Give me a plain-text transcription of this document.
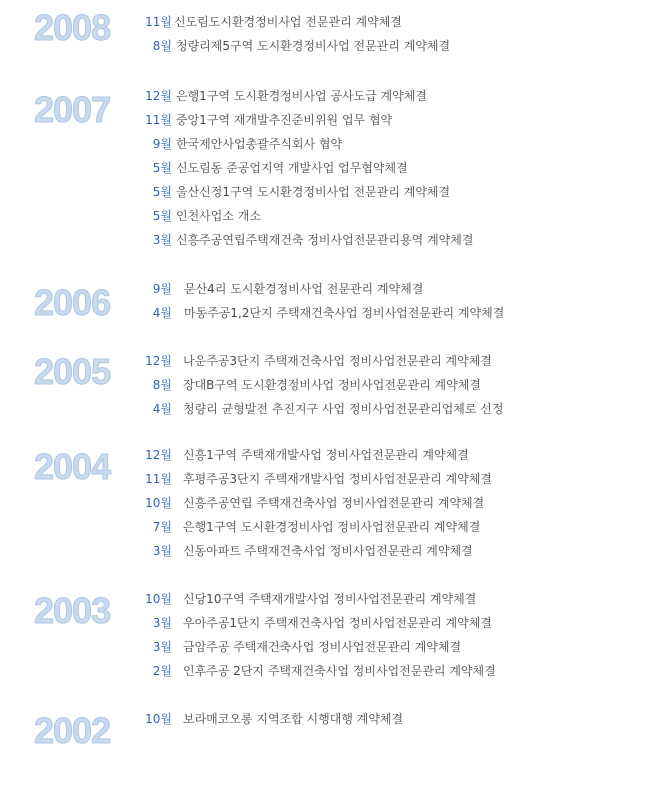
2008	11월 신도림도시환경정비사업 전문관리 계약체결
8월 청량리제5구역 도시환경정비사업 전문관리 계약체결
2007	12월 은행1구역 도시환경정비사업 공사도급 계약체결
11월 중앙1구역 재개발추진준비위원 업무 협약
9월 한국제안사업총괄주식회사 협약
5월 신도림동 준공업지역 개발사업 업무협약체결
5월 울산신정1구역 도시환경정비사업 전문관리 계약체결
5월 인천사업소 개소
3월 신흥주공연립주택재건축 정비사업전문관리용역 계약체결
2006	9월 문산4리 도시환경정비사업 전문관리 계약체결
4월 마동주공1,2단지 주택재건축사업 정비사업전문관리 계약체결
2005	12월 나운주공3단지 주택재건축사업 정비사업전문관리 계약체결
8월 장대B구역 도시환경정비사업 정비사업전문관리 계약체결
4월 청량리 균형발전 추진지구 사업 정비사업전문관리업체로 선정
2004	12월 신흥1구역 주택재개발사업 정비사업전문관리 계약체결
11월 후평주공3단지 주택재개발사업 정비사업전문관리 계약체결
10월 신흥주공연립 주택재건축사업 정비사업전문관리 계약체결
7월 은행1구역 도시환경정비사업 정비사업전문관리 계약체결
3월 신동아파트 주택재건축사업 정비사업전문관리 계약체결
2003	10월 신당10구역 주택재개발사업 정비사업전문관리 계약체결
3월 우아주공1단지 주택재건축사업 정비사업전문관리 계약체결
3월 금암주공 주택재건축사업 정비사업전문관리 계약체결
2월 인후주공 2단지 주택재건축사업 정비사업전문관리 계약체결
2002	10월 보라매코오롱 지역조합 시행대행 계약체결
